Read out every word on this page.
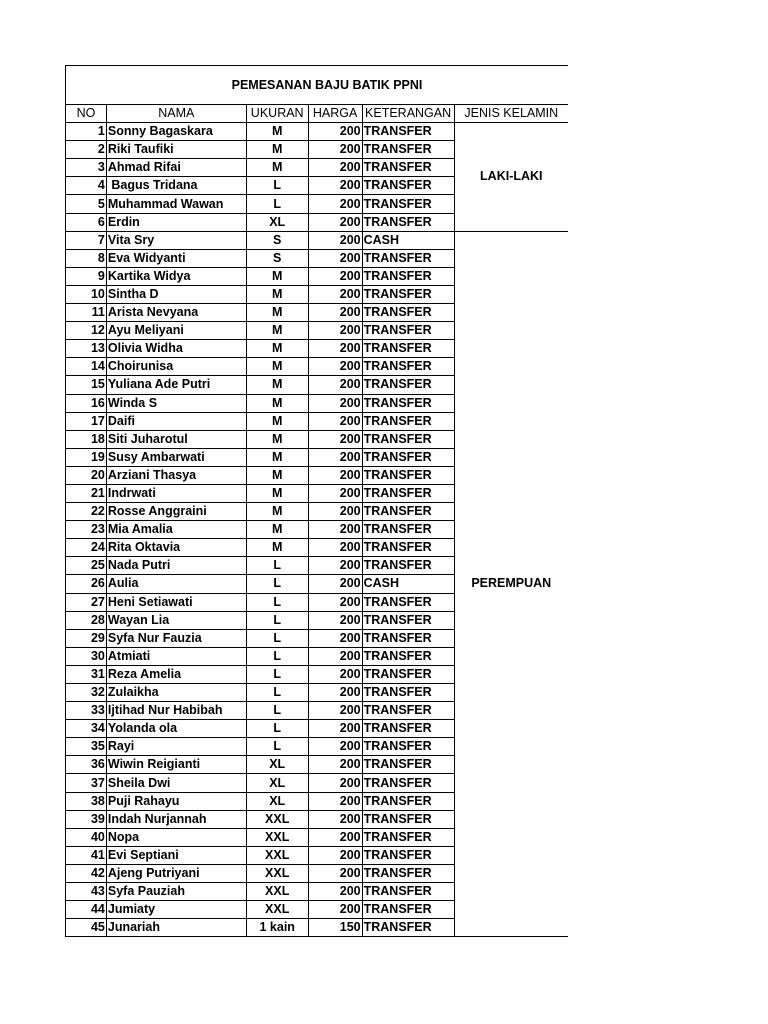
PEMESANAN BAJU BATIK PPNI
NO	NAMA	UKURAN	HARGA	KETERANGAN	JENIS KELAMIN
1	Sonny Bagaskara	M	200	TRANSFER	LAKI-LAKI
2	Riki Taufiki	M	200	TRANSFER	
3	Ahmad Rifai	M	200	TRANSFER	
4	Bagus Tridana	L	200	TRANSFER	
5	Muhammad Wawan	L	200	TRANSFER	
6	Erdin	XL	200	TRANSFER	
7	Vita Sry	S	200	CASH	PEREMPUAN
8	Eva Widyanti	S	200	TRANSFER	
9	Kartika Widya	M	200	TRANSFER	
10	Sintha D	M	200	TRANSFER	
11	Arista Nevyana	M	200	TRANSFER	
12	Ayu Meliyani	M	200	TRANSFER	
13	Olivia Widha	M	200	TRANSFER	
14	Choirunisa	M	200	TRANSFER	
15	Yuliana Ade Putri	M	200	TRANSFER	
16	Winda S	M	200	TRANSFER	
17	Daifi	M	200	TRANSFER	
18	Siti Juharotul	M	200	TRANSFER	
19	Susy Ambarwati	M	200	TRANSFER	
20	Arziani Thasya	M	200	TRANSFER	
21	Indrwati	M	200	TRANSFER	
22	Rosse Anggraini	M	200	TRANSFER	
23	Mia Amalia	M	200	TRANSFER	
24	Rita Oktavia	M	200	TRANSFER	
25	Nada Putri	L	200	TRANSFER	
26	Aulia	L	200	CASH	
27	Heni Setiawati	L	200	TRANSFER	
28	Wayan Lia	L	200	TRANSFER	
29	Syfa Nur Fauzia	L	200	TRANSFER	
30	Atmiati	L	200	TRANSFER	
31	Reza Amelia	L	200	TRANSFER	
32	Zulaikha	L	200	TRANSFER	
33	Ijtihad Nur Habibah	L	200	TRANSFER	
34	Yolanda ola	L	200	TRANSFER	
35	Rayi	L	200	TRANSFER	
36	Wiwin Reigianti	XL	200	TRANSFER	
37	Sheila Dwi	XL	200	TRANSFER	
38	Puji Rahayu	XL	200	TRANSFER	
39	Indah Nurjannah	XXL	200	TRANSFER	
40	Nopa	XXL	200	TRANSFER	
41	Evi Septiani	XXL	200	TRANSFER	
42	Ajeng Putriyani	XXL	200	TRANSFER	
43	Syfa Pauziah	XXL	200	TRANSFER	
44	Jumiaty	XXL	200	TRANSFER	
45	Junariah	1 kain	150	TRANSFER	
